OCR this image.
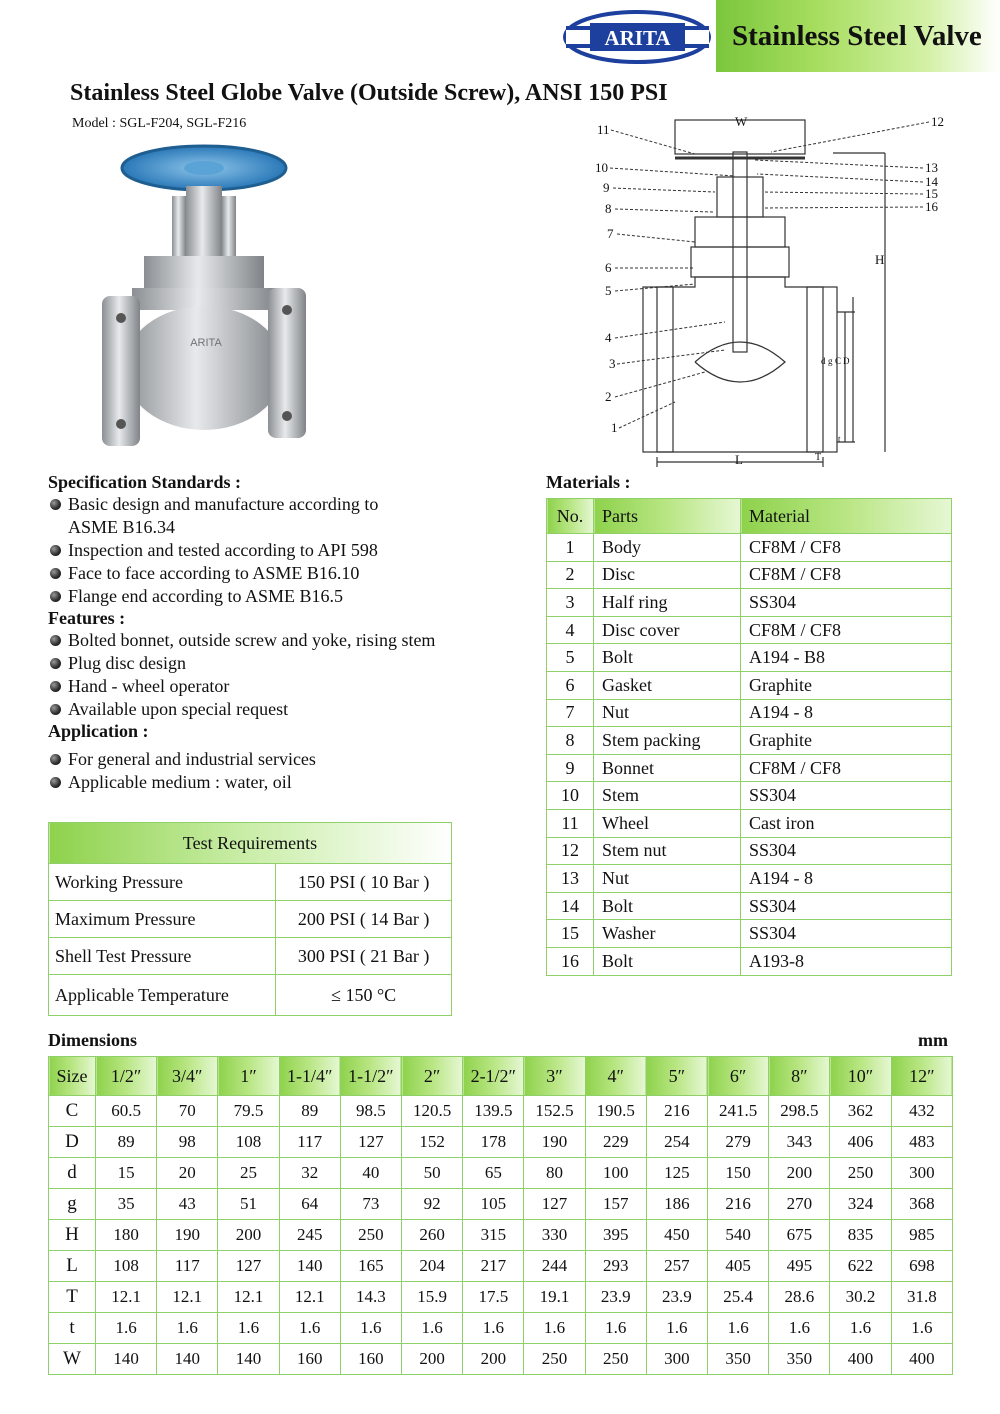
ARITA	Stainless Steel Valve
Stainless Steel Globe Valve (Outside Screw), ANSI 150 PSI
Model : SGL-F204, SGL-F216
ARITA
W
H
L
d g C D
T
t
11
12
10	13
14
15
16
9
8
7
6
5
4
3
2
1
Specification Standards :
Basic design and manufacture according to
ASME B16.34
Inspection and tested according to API 598
Face to face according to ASME B16.10
Flange end according to ASME B16.5
Features :
Bolted bonnet, outside screw and yoke, rising stem
Plug disc design
Hand - wheel operator
Available upon special request
Application :
For general and industrial services
Applicable medium : water, oil
Test Requirements	
Working Pressure	150 PSI ( 10 Bar )
Maximum Pressure	200 PSI ( 14 Bar )
Shell Test Pressure	300 PSI ( 21 Bar )
Applicable Temperature	≤ 150 °C
Materials :
No.	Parts	Material
1	Body	CF8M / CF8
2	Disc	CF8M / CF8
3	Half ring	SS304
4	Disc cover	CF8M / CF8
5	Bolt	A194 - B8
6	Gasket	Graphite
7	Nut	A194 - 8
8	Stem packing	Graphite
9	Bonnet	CF8M / CF8
10	Stem	SS304
11	Wheel	Cast iron
12	Stem nut	SS304
13	Nut	A194 - 8
14	Bolt	SS304
15	Washer	SS304
16	Bolt	A193-8
Dimensions	mm
Size	1/2″	3/4″	1″	1-1/4″	1-1/2″	2″	2-1/2″	3″	4″	5″	6″	8″	10″	12″
C	60.5	70	79.5	89	98.5	120.5	139.5	152.5	190.5	216	241.5	298.5	362	432
D	89	98	108	117	127	152	178	190	229	254	279	343	406	483
d	15	20	25	32	40	50	65	80	100	125	150	200	250	300
g	35	43	51	64	73	92	105	127	157	186	216	270	324	368
H	180	190	200	245	250	260	315	330	395	450	540	675	835	985
L	108	117	127	140	165	204	217	244	293	257	405	495	622	698
T	12.1	12.1	12.1	12.1	14.3	15.9	17.5	19.1	23.9	23.9	25.4	28.6	30.2	31.8
t	1.6	1.6	1.6	1.6	1.6	1.6	1.6	1.6	1.6	1.6	1.6	1.6	1.6	1.6
W	140	140	140	160	160	200	200	250	250	300	350	350	400	400
